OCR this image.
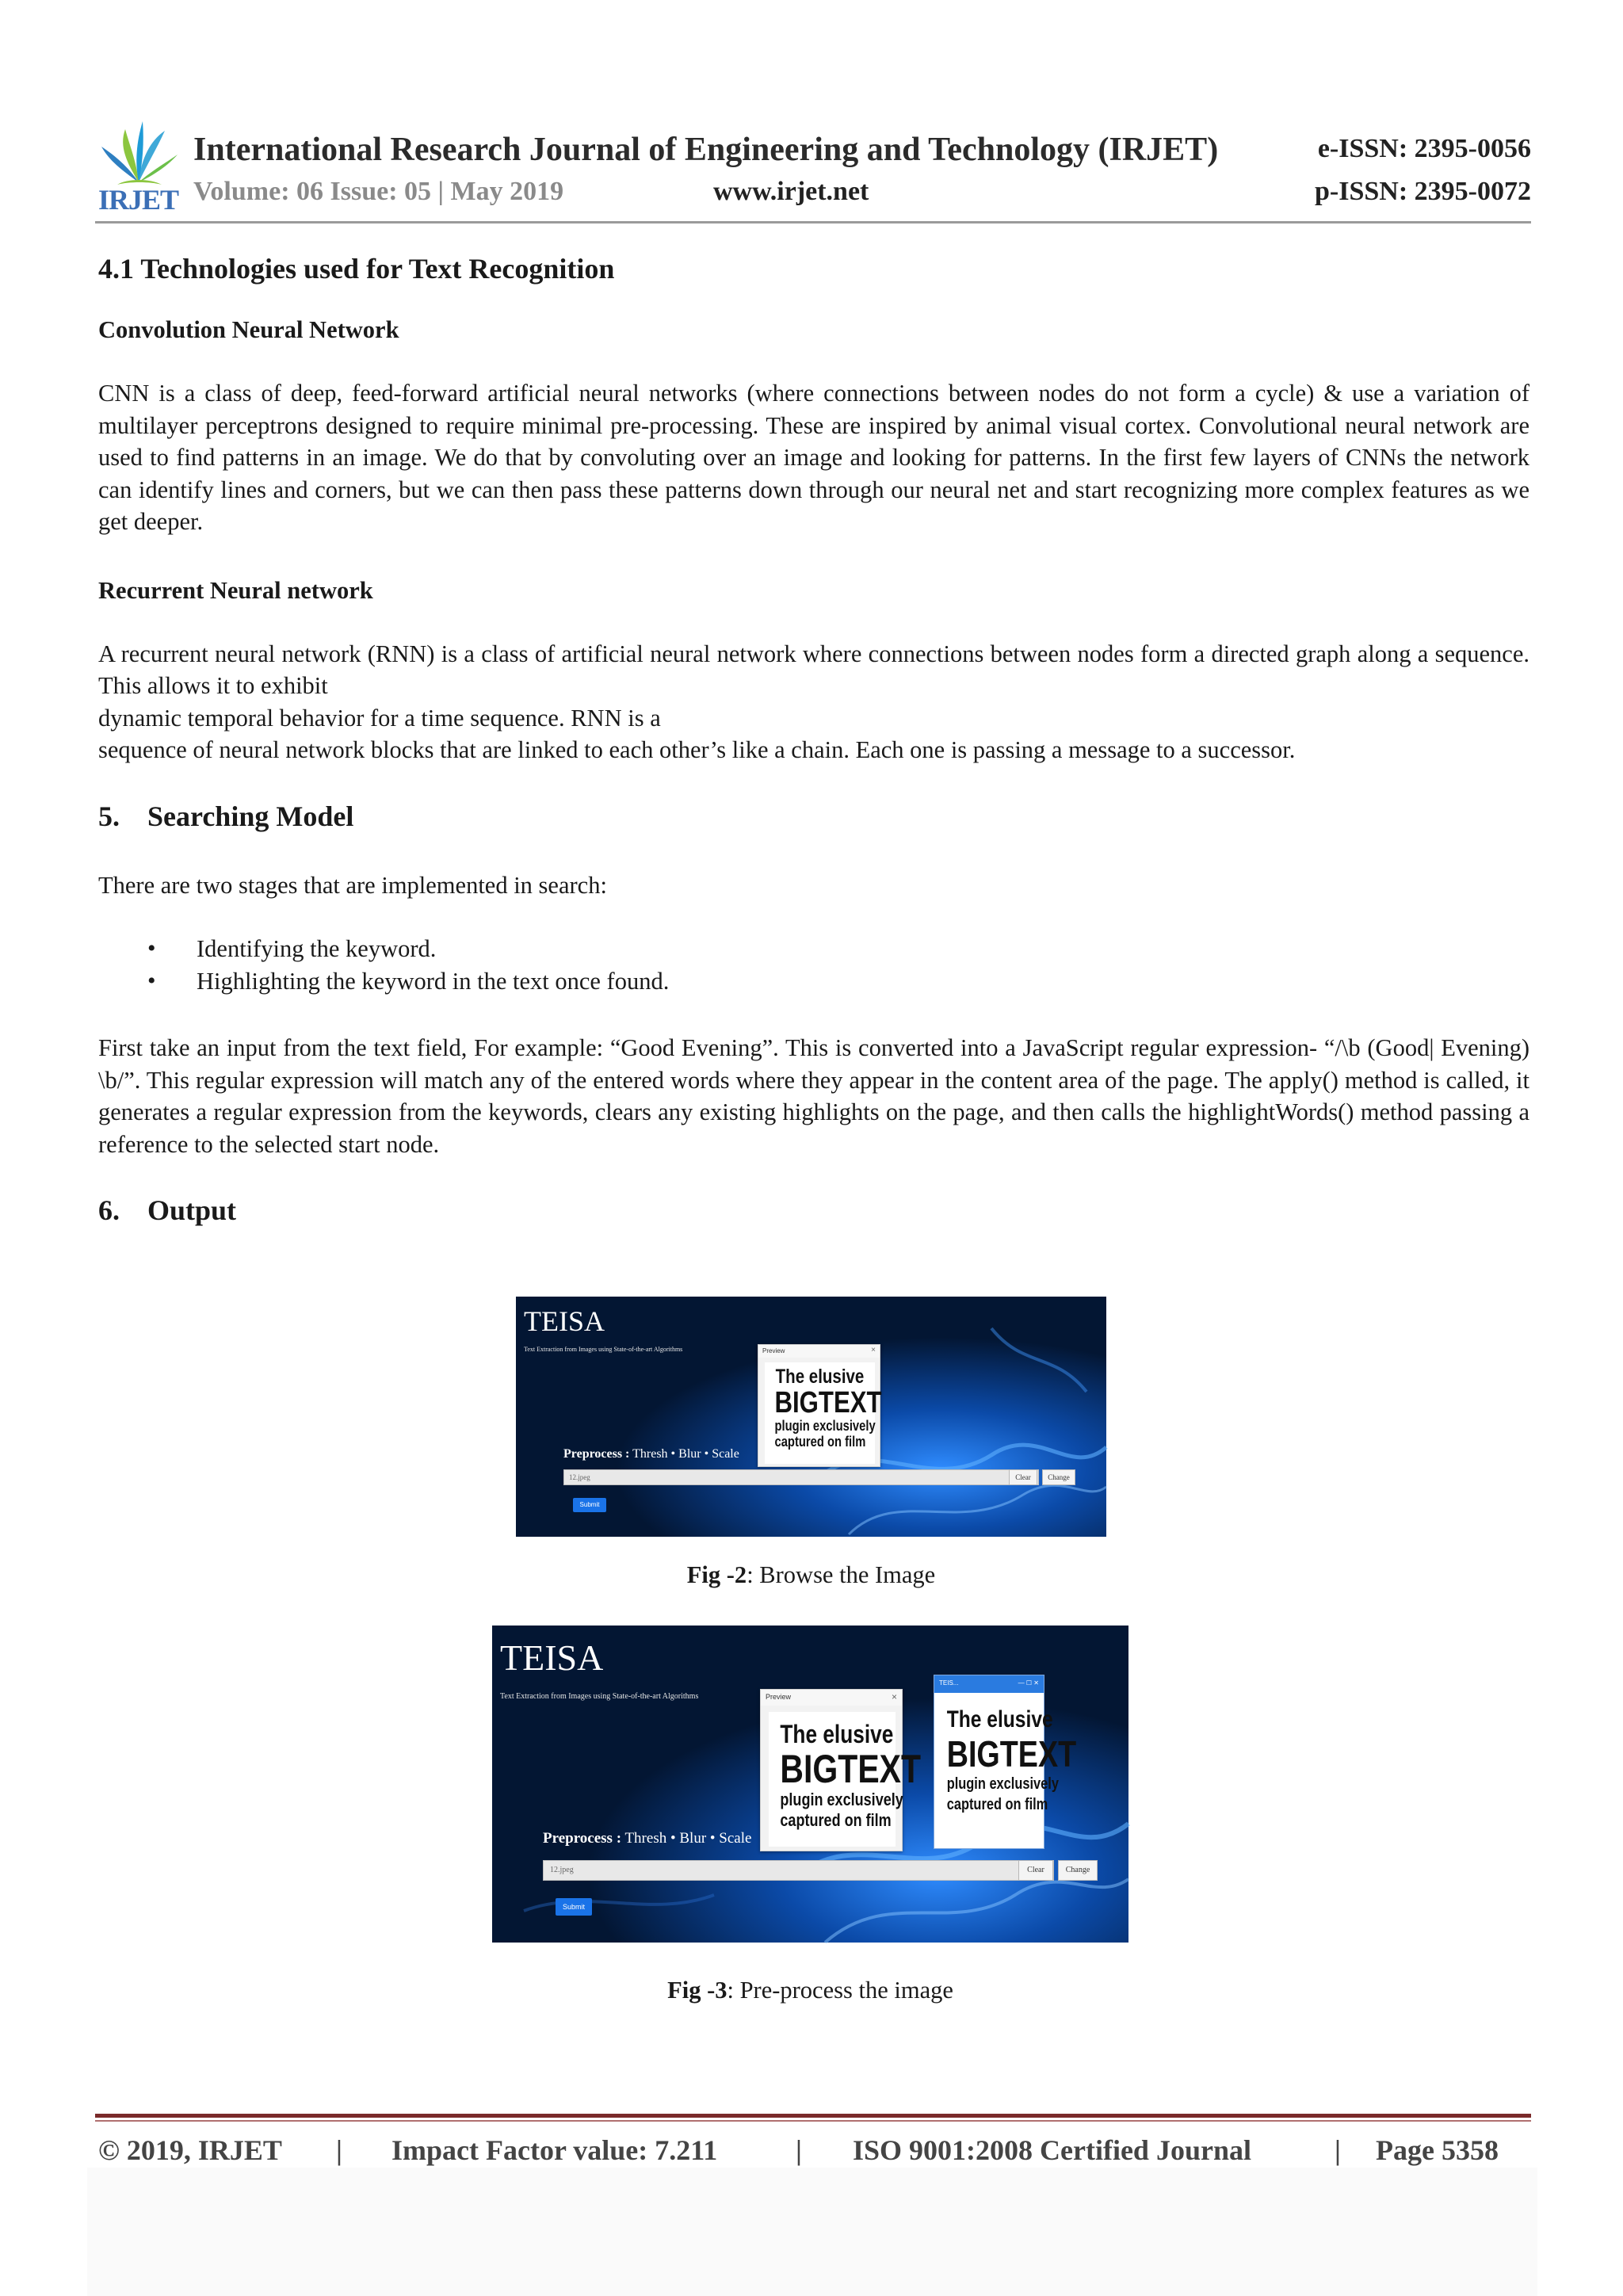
IRJET
International Research Journal of Engineering and Technology (IRJET)
Volume: 06 Issue: 05 | May 2019	www.irjet.net
e-ISSN: 2395-0056
p-ISSN: 2395-0072
4.1 Technologies used for Text Recognition
Convolution Neural Network

CNN is a class of deep, feed-forward artificial neural networks (where connections between nodes do not form a cycle) & use a variation of multilayer perceptrons designed to require minimal pre-processing. These are inspired by animal visual cortex. Convolutional neural network are used to find patterns in an image. We do that by convoluting over an image and looking for patterns. In the first few layers of CNNs the network can identify lines and corners, but we can then pass these patterns down through our neural net and start recognizing more complex features as we get deeper.

Recurrent Neural network

A recurrent neural network (RNN) is a class of artificial neural network where connections between nodes form a directed graph along a sequence. This allows it to exhibit

dynamic temporal behavior for a time sequence. RNN is a

sequence of neural network blocks that are linked to each other’s like a chain. Each one is passing a message to a successor.

5. Searching Model

There are two stages that are implemented in search:

• Identifying the keyword.
• Highlighting the keyword in the text once found.

First take an input from the text field, For example: “Good Evening”. This is converted into a JavaScript regular expression- “/\b (Good| Evening) \b/”. This regular expression will match any of the entered words where they appear in the content area of the page. The apply() method is called, it generates a regular expression from the keywords, clears any existing highlights on the page, and then calls the highlightWords() method passing a reference to the selected start node.

6. Output
TEISA
Text Extraction from Images using State-of-the-art Algorithms	Preview	×
The elusive
BIGTEXT
plugin exclusively
captured on film
Preprocess : Thresh • Blur • Scale
12.jpeg	Clear	Change
Submit
Fig -2: Browse the Image
TEISA
Text Extraction from Images using State-of-the-art Algorithms	Preview	×
The elusive
BIGTEXT
plugin exclusively
captured on film
TEIS...	— ☐ ✕
The elusive
BIGTEXT
plugin exclusively
captured on film
Preprocess : Thresh • Blur • Scale
12.jpeg	Clear	Change
Submit
Fig -3: Pre-process the image
© 2019, IRJET | Impact Factor value: 7.211	| ISO 9001:2008 Certified Journal	| Page 5358
